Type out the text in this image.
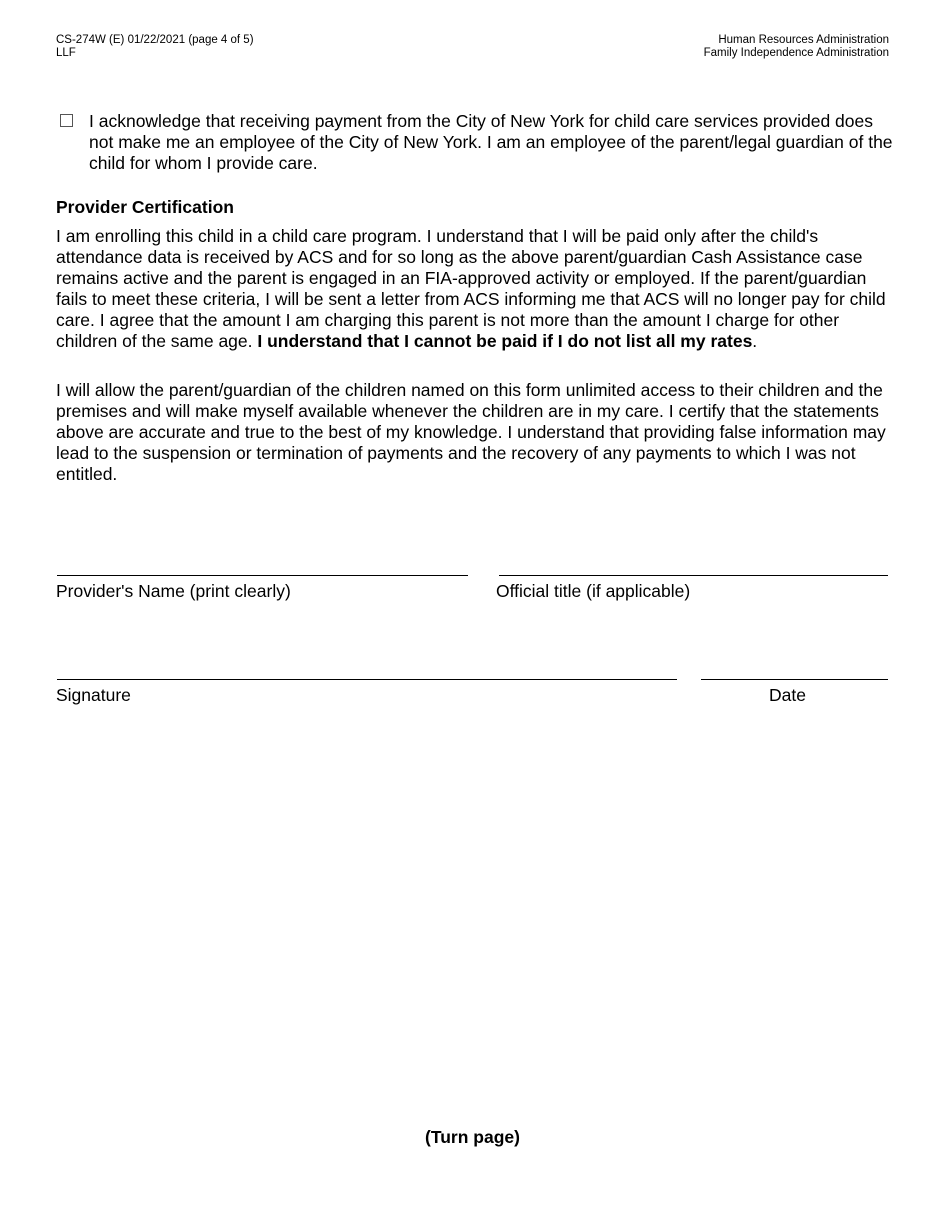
CS-274W (E) 01/22/2021 (page 4 of 5)
LLF
Human Resources Administration
Family Independence Administration
I acknowledge that receiving payment from the City of New York for child care services provided does not make me an employee of the City of New York. I am an employee of the parent/legal guardian of the child for whom I provide care.
Provider Certification
I am enrolling this child in a child care program. I understand that I will be paid only after the child's attendance data is received by ACS and for so long as the above parent/guardian Cash Assistance case remains active and the parent is engaged in an FIA-approved activity or employed. If the parent/guardian fails to meet these criteria, I will be sent a letter from ACS informing me that ACS will no longer pay for child care. I agree that the amount I am charging this parent is not more than the amount I charge for other children of the same age. I understand that I cannot be paid if I do not list all my rates.
I will allow the parent/guardian of the children named on this form unlimited access to their children and the premises and will make myself available whenever the children are in my care. I certify that the statements above are accurate and true to the best of my knowledge. I understand that providing false information may lead to the suspension or termination of payments and the recovery of any payments to which I was not entitled.
Provider's Name (print clearly)	Official title (if applicable)
Signature	Date
(Turn page)
